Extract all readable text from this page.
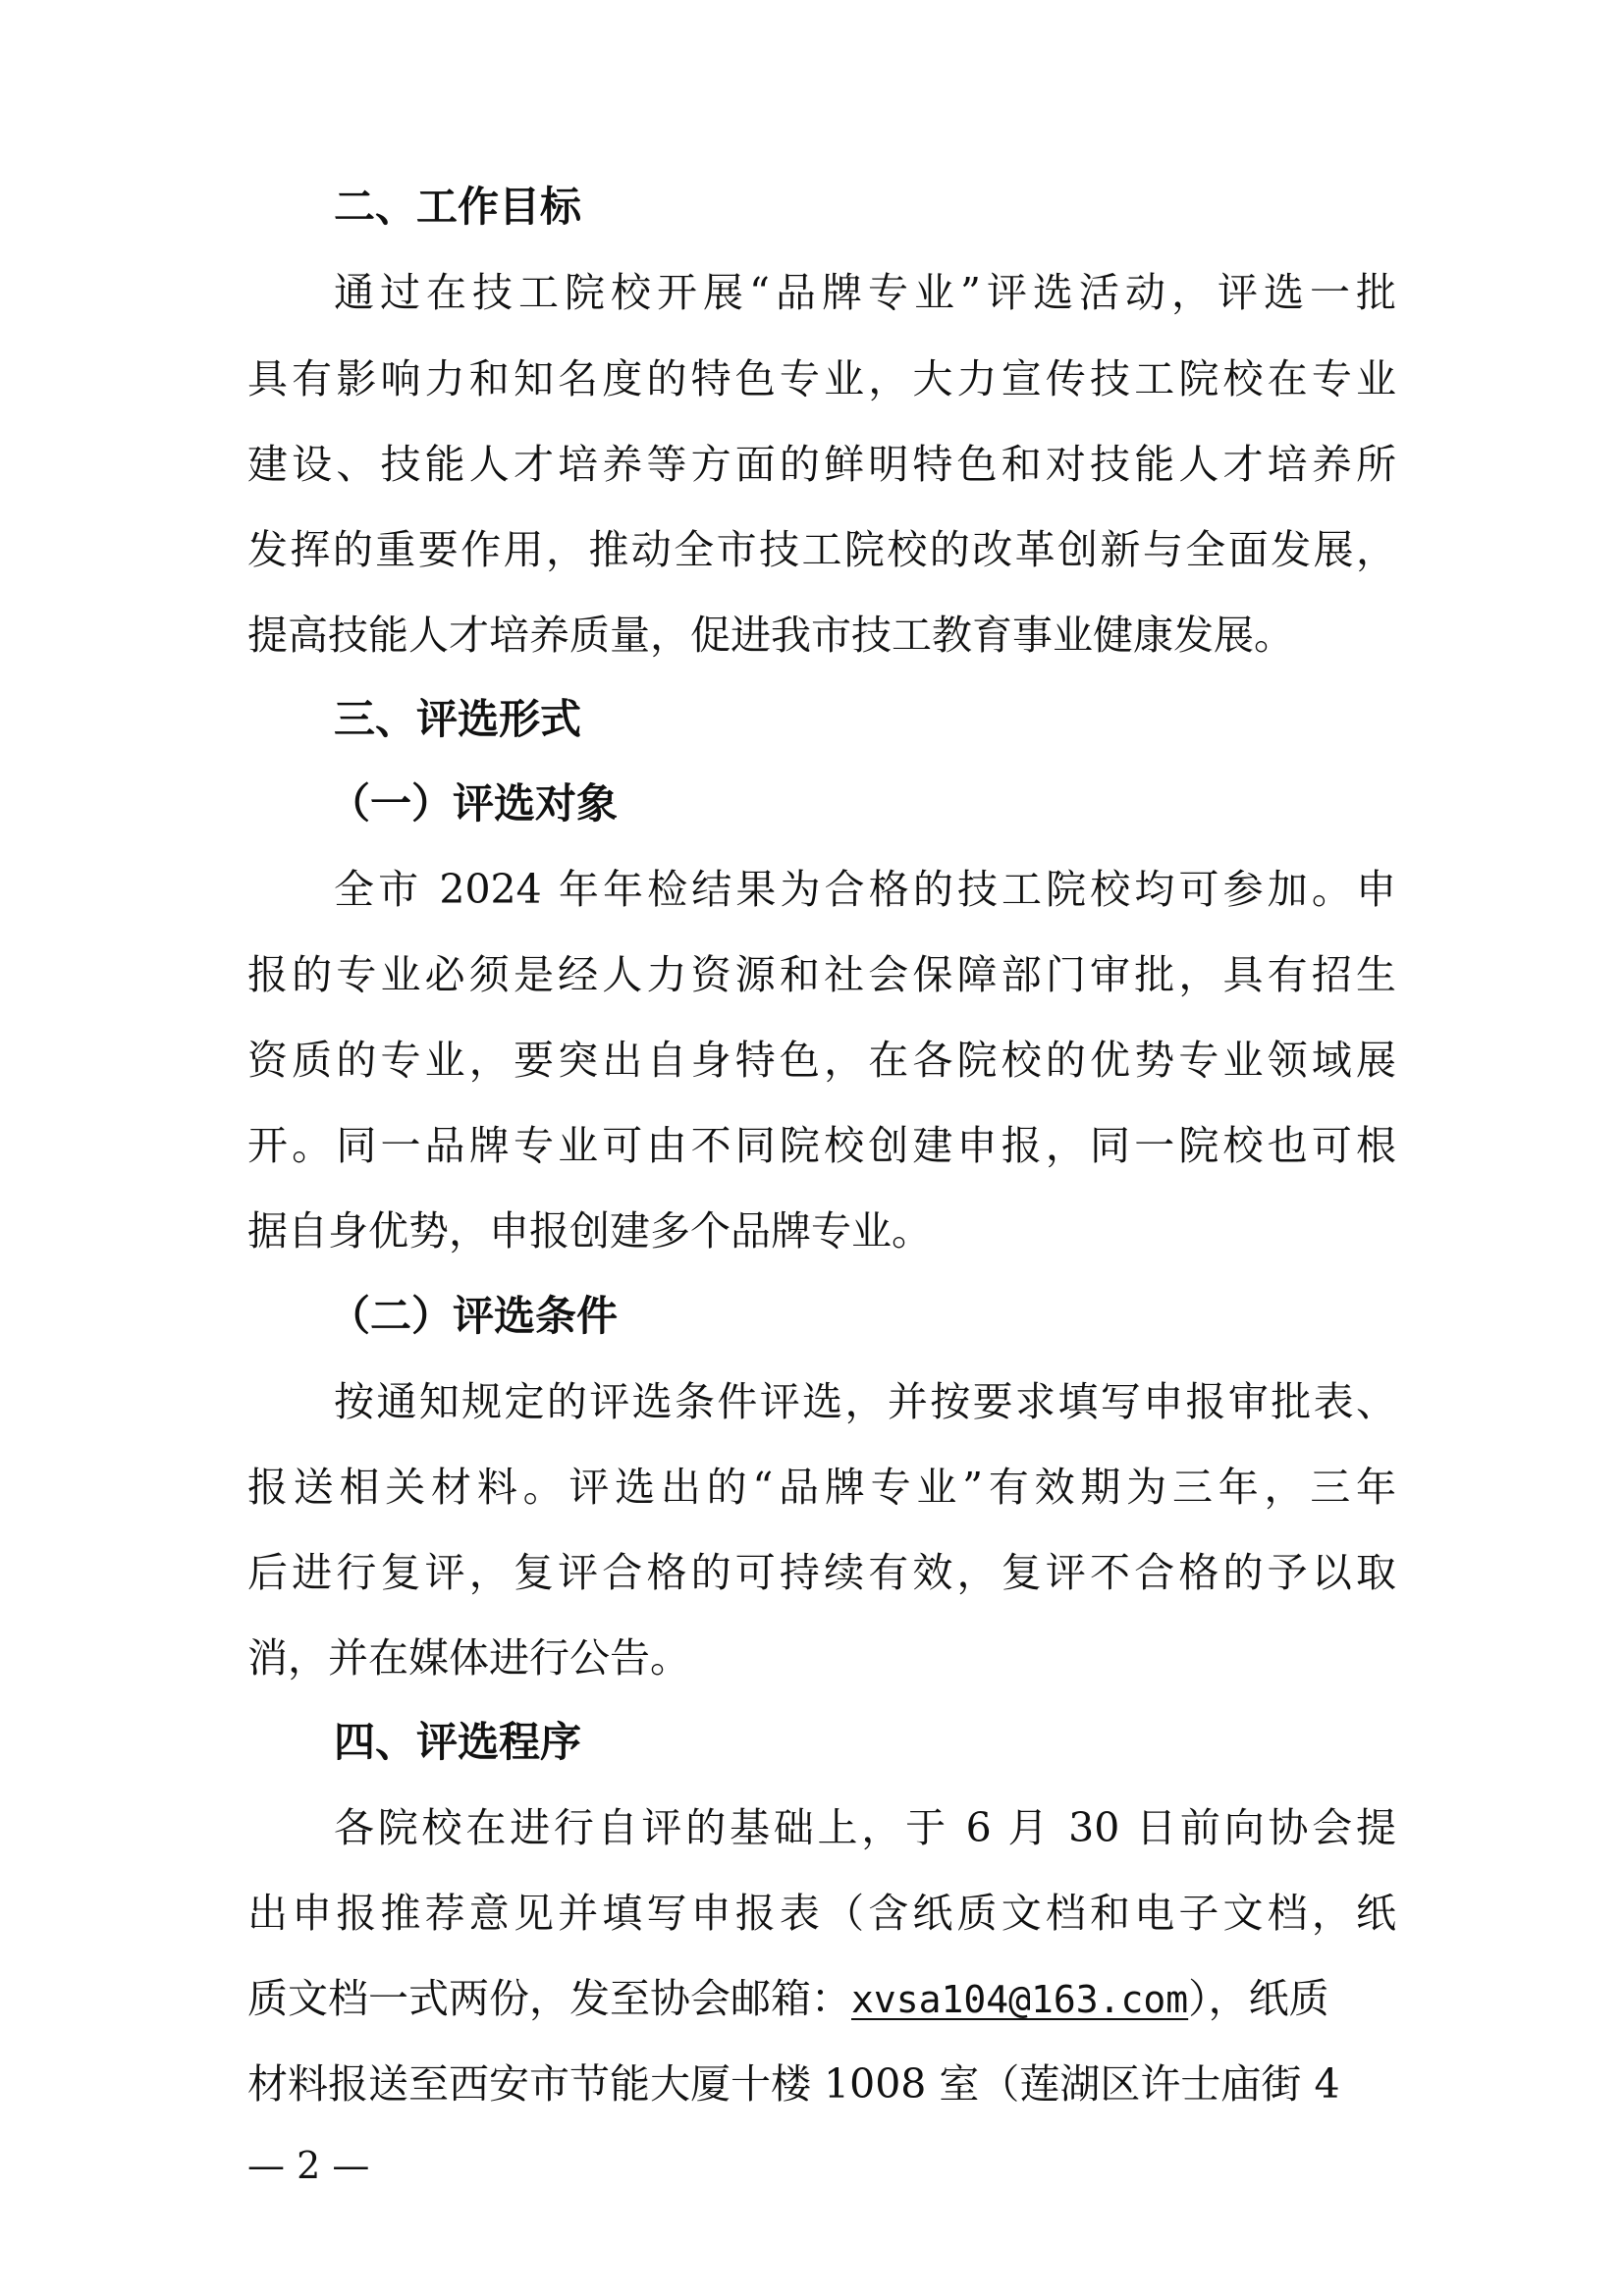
二、工作目标
通过在技工院校开展“品牌专业”评选活动，评选一批
具有影响力和知名度的特色专业，大力宣传技工院校在专业
建设、技能人才培养等方面的鲜明特色和对技能人才培养所
发挥的重要作用，推动全市技工院校的改革创新与全面发展，
提高技能人才培养质量，促进我市技工教育事业健康发展。
三、评选形式
（一）评选对象
全市 2024 年年检结果为合格的技工院校均可参加。申
报的专业必须是经人力资源和社会保障部门审批，具有招生
资质的专业，要突出自身特色，在各院校的优势专业领域展
开。同一品牌专业可由不同院校创建申报，同一院校也可根
据自身优势，申报创建多个品牌专业。
（二）评选条件
按通知规定的评选条件评选，并按要求填写申报审批表、
报送相关材料。评选出的“品牌专业”有效期为三年，三年
后进行复评，复评合格的可持续有效，复评不合格的予以取
消，并在媒体进行公告。
四、评选程序
各院校在进行自评的基础上，于 6 月 30 日前向协会提
出申报推荐意见并填写申报表（含纸质文档和电子文档，纸
质文档一式两份，发至协会邮箱：xvsa104@163.com），纸质
材料报送至西安市节能大厦十楼 1008 室（莲湖区许士庙街 4
— 2 —
